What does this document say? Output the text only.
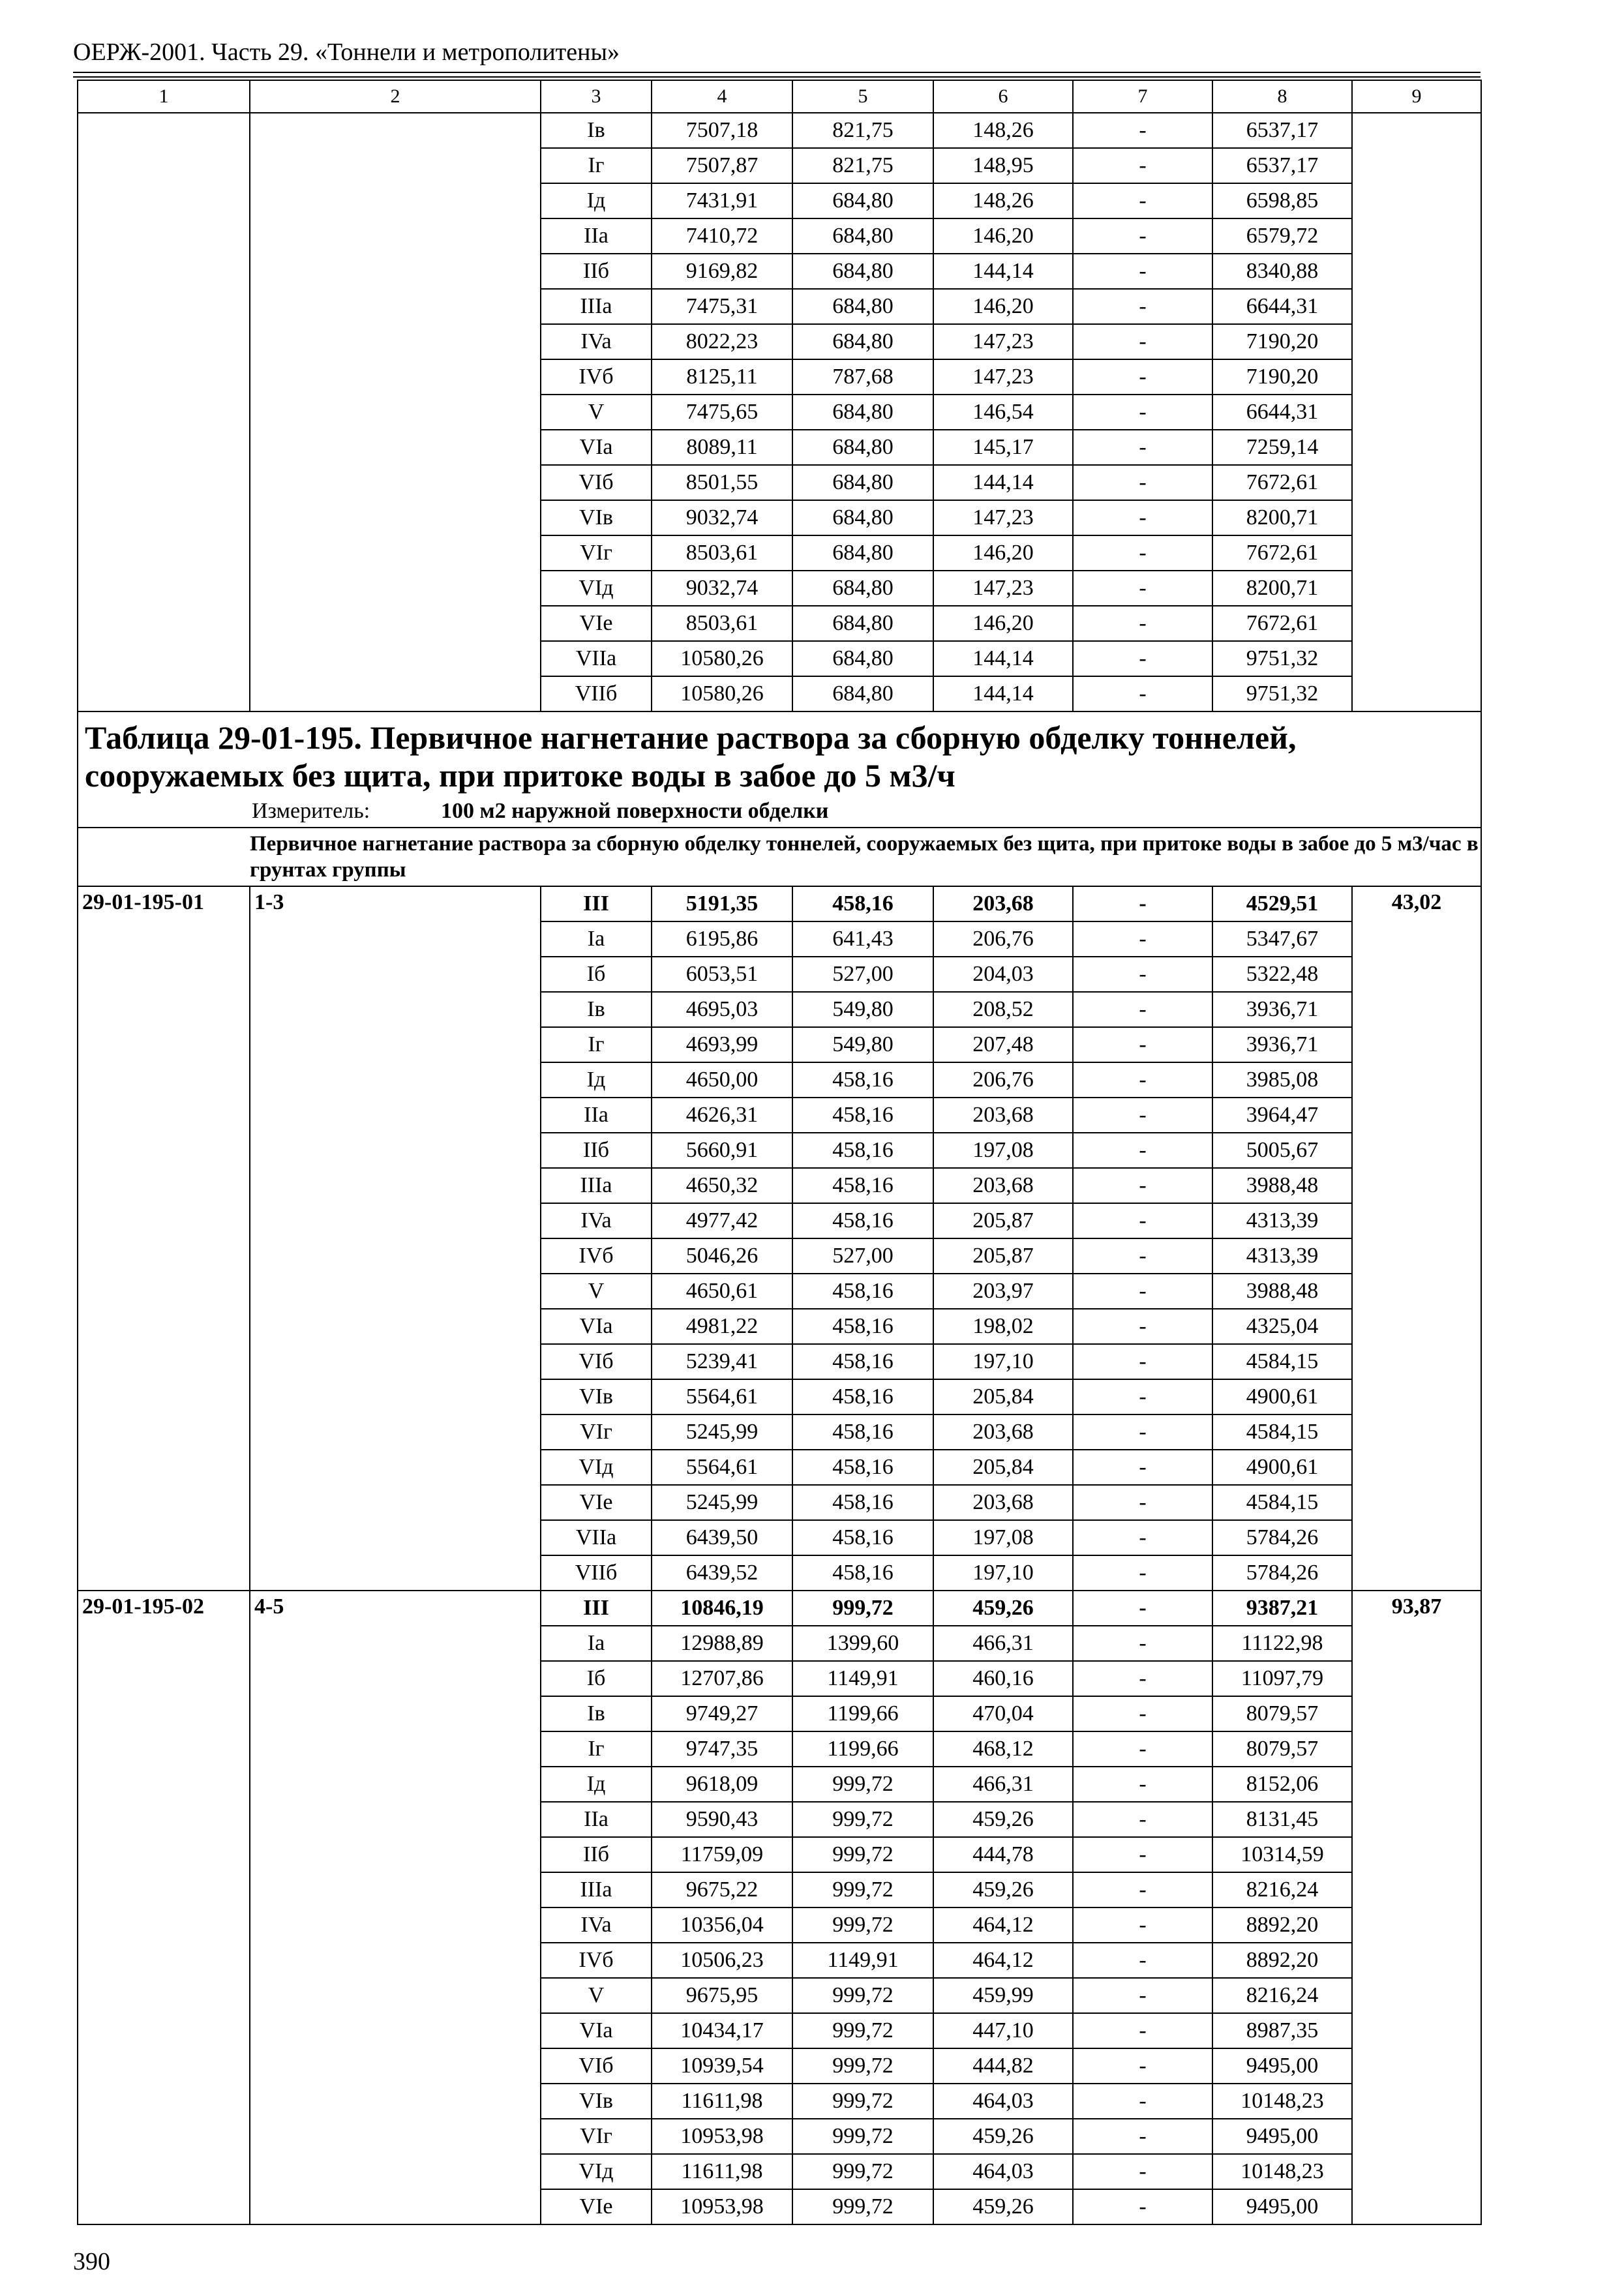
ОЕРЖ-2001. Часть 29. «Тоннели и метрополитены»
1	2	3	4	5	6	7	8	9
		Iв	7507,18	821,75	148,26	-	6537,17	
		Iг	7507,87	821,75	148,95	-	6537,17	
		Iд	7431,91	684,80	148,26	-	6598,85	
		IIa	7410,72	684,80	146,20	-	6579,72	
		IIб	9169,82	684,80	144,14	-	8340,88	
		IIIa	7475,31	684,80	146,20	-	6644,31	
		IVa	8022,23	684,80	147,23	-	7190,20	
		IVб	8125,11	787,68	147,23	-	7190,20	
		V	7475,65	684,80	146,54	-	6644,31	
		VIa	8089,11	684,80	145,17	-	7259,14	
		VIб	8501,55	684,80	144,14	-	7672,61	
		VIв	9032,74	684,80	147,23	-	8200,71	
		VIг	8503,61	684,80	146,20	-	7672,61	
		VIд	9032,74	684,80	147,23	-	8200,71	
		VIe	8503,61	684,80	146,20	-	7672,61	
		VIIa	10580,26	684,80	144,14	-	9751,32	
		VIIб	10580,26	684,80	144,14	-	9751,32	

Таблица 29-01-195. Первичное нагнетание раствора за сборную обделку тоннелей, сооружаемых без щита, при притоке воды в забое до 5 м3/ч
Измеритель: 100 м2 наружной поверхности обделки								

	Первичное нагнетание раствора за сборную обделку тоннелей, сооружаемых без щита, при притоке воды в забое до 5 м3/час в грунтах группы							
29-01-195-01	1-3	III	5191,35	458,16	203,68	-	4529,51	43,02
		Ia	6195,86	641,43	206,76	-	5347,67	
		Iб	6053,51	527,00	204,03	-	5322,48	
		Iв	4695,03	549,80	208,52	-	3936,71	
		Iг	4693,99	549,80	207,48	-	3936,71	
		Iд	4650,00	458,16	206,76	-	3985,08	
		IIa	4626,31	458,16	203,68	-	3964,47	
		IIб	5660,91	458,16	197,08	-	5005,67	
		IIIa	4650,32	458,16	203,68	-	3988,48	
		IVa	4977,42	458,16	205,87	-	4313,39	
		IVб	5046,26	527,00	205,87	-	4313,39	
		V	4650,61	458,16	203,97	-	3988,48	
		VIa	4981,22	458,16	198,02	-	4325,04	
		VIб	5239,41	458,16	197,10	-	4584,15	
		VIв	5564,61	458,16	205,84	-	4900,61	
		VIг	5245,99	458,16	203,68	-	4584,15	
		VIд	5564,61	458,16	205,84	-	4900,61	
		VIe	5245,99	458,16	203,68	-	4584,15	
		VIIa	6439,50	458,16	197,08	-	5784,26	
		VIIб	6439,52	458,16	197,10	-	5784,26	
29-01-195-02	4-5	III	10846,19	999,72	459,26	-	9387,21	93,87
		Ia	12988,89	1399,60	466,31	-	11122,98	
		Iб	12707,86	1149,91	460,16	-	11097,79	
		Iв	9749,27	1199,66	470,04	-	8079,57	
		Iг	9747,35	1199,66	468,12	-	8079,57	
		Iд	9618,09	999,72	466,31	-	8152,06	
		IIa	9590,43	999,72	459,26	-	8131,45	
		IIб	11759,09	999,72	444,78	-	10314,59	
		IIIa	9675,22	999,72	459,26	-	8216,24	
		IVa	10356,04	999,72	464,12	-	8892,20	
		IVб	10506,23	1149,91	464,12	-	8892,20	
		V	9675,95	999,72	459,99	-	8216,24	
		VIa	10434,17	999,72	447,10	-	8987,35	
		VIб	10939,54	999,72	444,82	-	9495,00	
		VIв	11611,98	999,72	464,03	-	10148,23	
		VIг	10953,98	999,72	459,26	-	9495,00	
		VIд	11611,98	999,72	464,03	-	10148,23	
		VIe	10953,98	999,72	459,26	-	9495,00	
390
